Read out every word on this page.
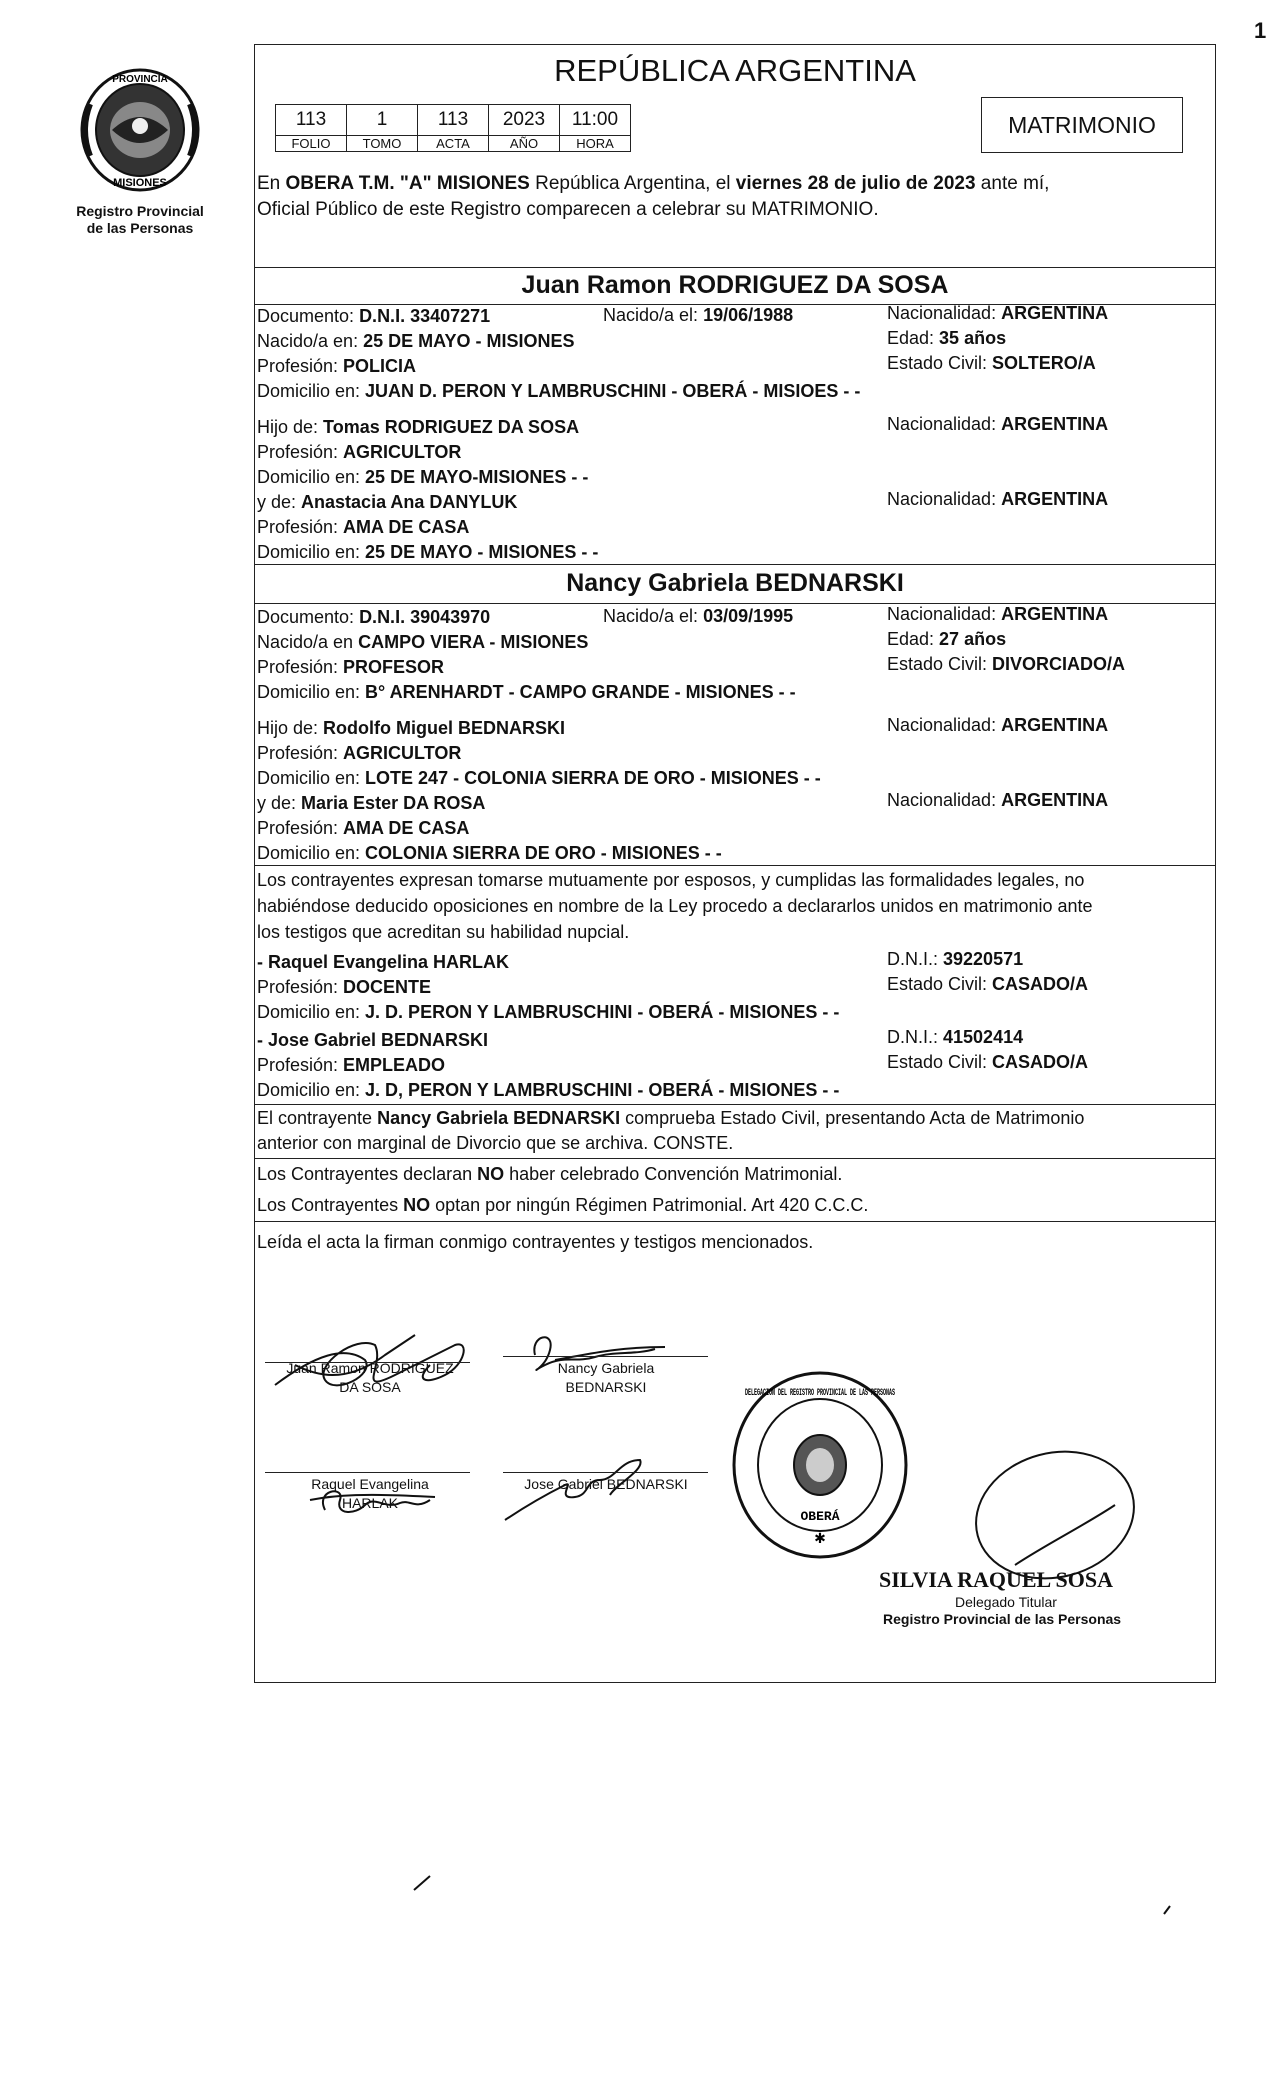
1
PROVINCIA
MISIONES
Registro Provincial
de las Personas
REPÚBLICA ARGENTINA
113	1	113	2023	11:00
FOLIO	TOMO	ACTA	AÑO	HORA
MATRIMONIO
En OBERA T.M. "A" MISIONES República Argentina, el viernes 28 de julio de 2023 ante mí,
Oficial Público de este Registro comparecen a celebrar su MATRIMONIO.
Juan Ramon RODRIGUEZ DA SOSA
Documento: D.N.I. 33407271	Nacido/a el: 19/06/1988	Nacionalidad: ARGENTINA
Nacido/a en: 25 DE MAYO - MISIONES	Edad: 35 años
Profesión: POLICIA	Estado Civil: SOLTERO/A
Domicilio en: JUAN D. PERON Y LAMBRUSCHINI - OBERÁ - MISIOES - -
Hijo de: Tomas RODRIGUEZ DA SOSA	Nacionalidad: ARGENTINA
Profesión: AGRICULTOR
Domicilio en: 25 DE MAYO-MISIONES - -
y de: Anastacia Ana DANYLUK	Nacionalidad: ARGENTINA
Profesión: AMA DE CASA
Domicilio en: 25 DE MAYO - MISIONES - -
Nancy Gabriela BEDNARSKI
Documento: D.N.I. 39043970	Nacido/a el: 03/09/1995	Nacionalidad: ARGENTINA
Nacido/a en CAMPO VIERA - MISIONES	Edad: 27 años
Profesión: PROFESOR	Estado Civil: DIVORCIADO/A
Domicilio en: B° ARENHARDT - CAMPO GRANDE - MISIONES - -
Hijo de: Rodolfo Miguel BEDNARSKI	Nacionalidad: ARGENTINA
Profesión: AGRICULTOR
Domicilio en: LOTE 247 - COLONIA SIERRA DE ORO - MISIONES - -
y de: Maria Ester DA ROSA	Nacionalidad: ARGENTINA
Profesión: AMA DE CASA
Domicilio en: COLONIA SIERRA DE ORO - MISIONES - -
Los contrayentes expresan tomarse mutuamente por esposos, y cumplidas las formalidades legales, no
habiéndose deducido oposiciones en nombre de la Ley procedo a declararlos unidos en matrimonio ante
los testigos que acreditan su habilidad nupcial.
- Raquel Evangelina HARLAK	D.N.I.: 39220571
Profesión: DOCENTE	Estado Civil: CASADO/A
Domicilio en: J. D. PERON Y LAMBRUSCHINI - OBERÁ - MISIONES - -
- Jose Gabriel BEDNARSKI	D.N.I.: 41502414
Profesión: EMPLEADO	Estado Civil: CASADO/A
Domicilio en: J. D, PERON Y LAMBRUSCHINI - OBERÁ - MISIONES - -
El contrayente Nancy Gabriela BEDNARSKI comprueba Estado Civil, presentando Acta de Matrimonio
anterior con marginal de Divorcio que se archiva. CONSTE.
Los Contrayentes declaran NO haber celebrado Convención Matrimonial.
Los Contrayentes NO optan por ningún Régimen Patrimonial. Art 420 C.C.C.
Leída el acta la firman conmigo contrayentes y testigos mencionados.
Juan Ramon RODRIGUEZ
DA SOSA
Nancy Gabriela
BEDNARSKI
Raquel Evangelina
HARLAK
Jose Gabriel BEDNARSKI
DELEGACION DEL REGISTRO PROVINCIAL DE LAS PERSONAS
OBERÁ
✱
SILVIA RAQUEL SOSA
Delegado Titular
Registro Provincial de las Personas
